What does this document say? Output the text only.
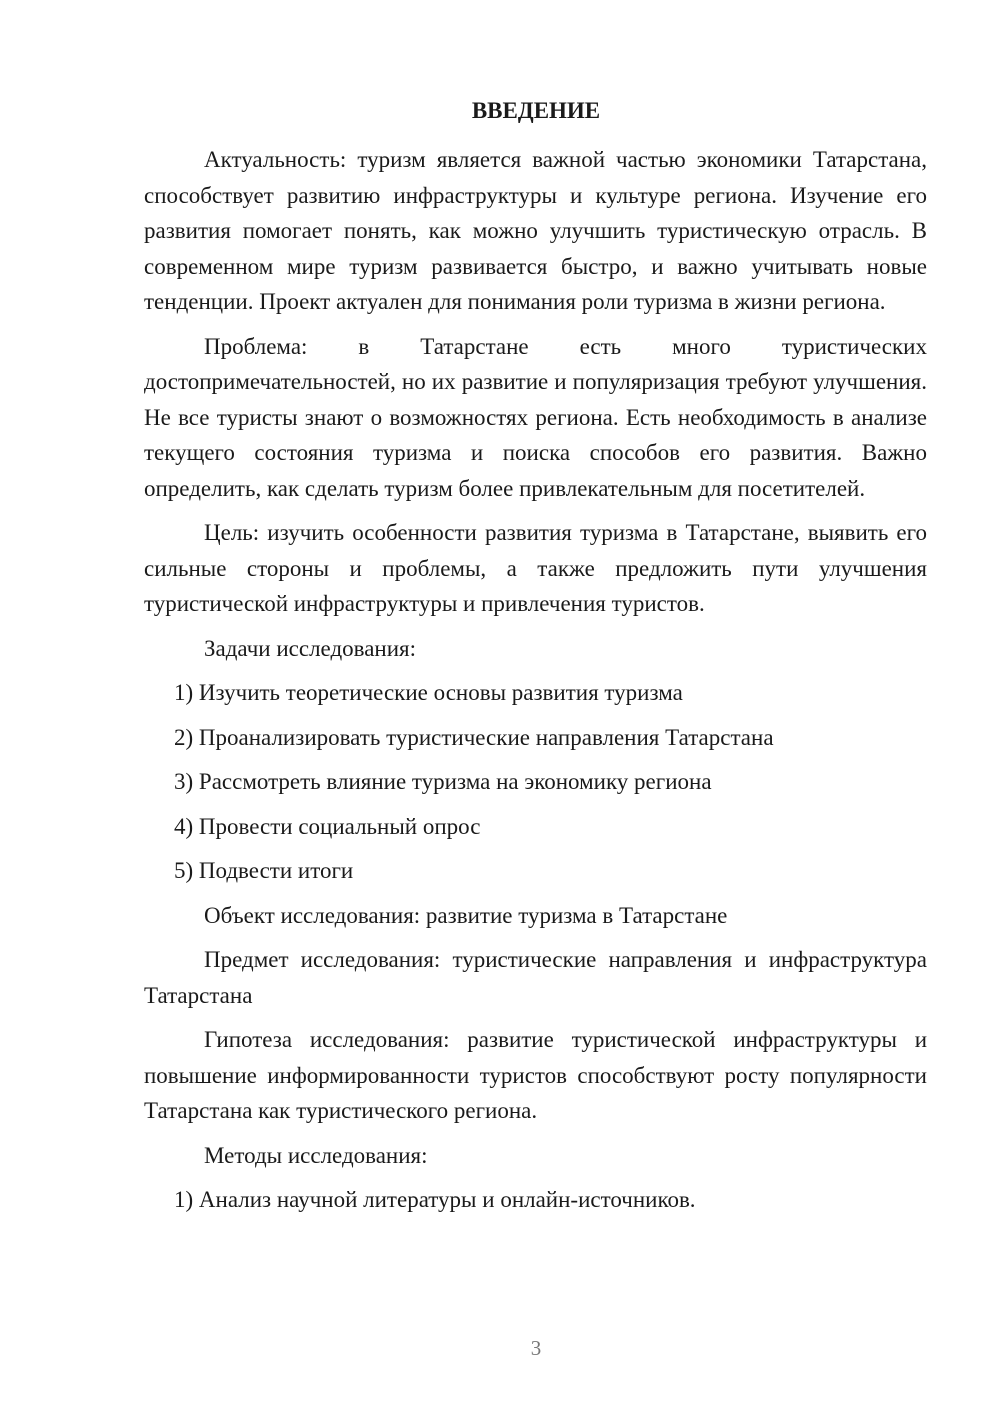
ВВЕДЕНИЕ

Актуальность: туризм является важной частью экономики Татарстана, способствует развитию инфраструктуры и культуре региона. Изучение его развития помогает понять, как можно улучшить туристическую отрасль. В современном мире туризм развивается быстро, и важно учитывать новые тенденции. Проект актуален для понимания роли туризма в жизни региона.

Проблема: в Татарстане есть много туристических достопримечательностей, но их развитие и популяризация требуют улучшения. Не все туристы знают о возможностях региона. Есть необходимость в анализе текущего состояния туризма и поиска способов его развития. Важно определить, как сделать туризм более привлекательным для посетителей.

Цель: изучить особенности развития туризма в Татарстане, выявить его сильные стороны и проблемы, а также предложить пути улучшения туристической инфраструктуры и привлечения туристов.

Задачи исследования:

1) Изучить теоретические основы развития туризма
2) Проанализировать туристические направления Татарстана
3) Рассмотреть влияние туризма на экономику региона
4) Провести социальный опрос
5) Подвести итоги

Объект исследования: развитие туризма в Татарстане

Предмет исследования: туристические направления и инфраструктура Татарстана

Гипотеза исследования: развитие туристической инфраструктуры и повышение информированности туристов способствуют росту популярности Татарстана как туристического региона.

Методы исследования:

1) Анализ научной литературы и онлайн-источников.
3
